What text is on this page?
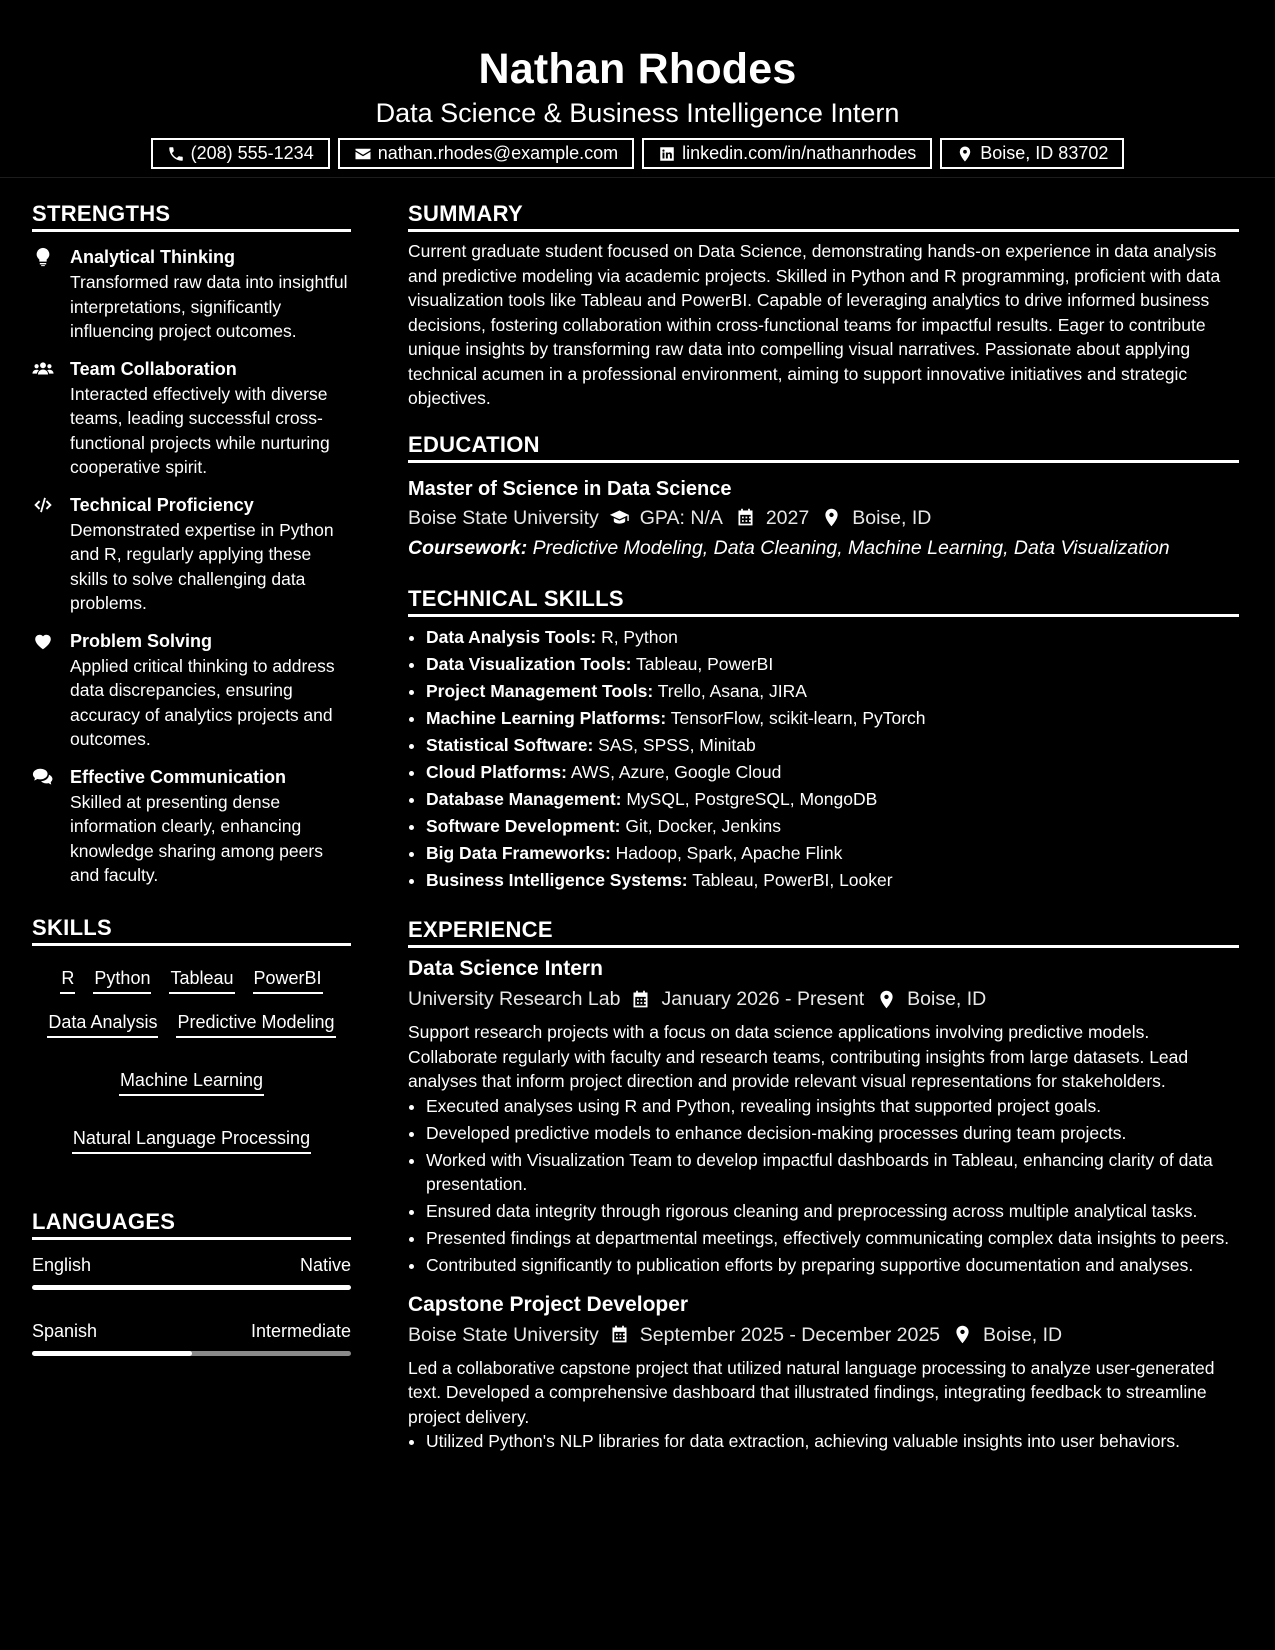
Nathan Rhodes
Data Science & Business Intelligence Intern
(208) 555-1234	nathan.rhodes@example.com	linkedin.com/in/nathanrhodes	Boise, ID 83702
STRENGTHS
Analytical Thinking
Transformed raw data into insightful interpretations, significantly influencing project outcomes.
Team Collaboration
Interacted effectively with diverse teams, leading successful cross-functional projects while nurturing cooperative spirit.
Technical Proficiency
Demonstrated expertise in Python and R, regularly applying these skills to solve challenging data problems.
Problem Solving
Applied critical thinking to address data discrepancies, ensuring accuracy of analytics projects and outcomes.
Effective Communication
Skilled at presenting dense information clearly, enhancing knowledge sharing among peers and faculty.
SKILLS
R Python Tableau PowerBI
Data Analysis Predictive Modeling
Machine Learning
Natural Language Processing
LANGUAGES
English	Native
Spanish	Intermediate
SUMMARY

Current graduate student focused on Data Science, demonstrating hands-on experience in data analysis and predictive modeling via academic projects. Skilled in Python and R programming, proficient with data visualization tools like Tableau and PowerBI. Capable of leveraging analytics to drive informed business decisions, fostering collaboration within cross-functional teams for impactful results. Eager to contribute unique insights by transforming raw data into compelling visual narratives. Passionate about applying technical acumen in a professional environment, aiming to support innovative initiatives and strategic objectives.

EDUCATION
Master of Science in Data Science
Boise State University GPA: N/A 2027 Boise, ID
Coursework: Predictive Modeling, Data Cleaning, Machine Learning, Data Visualization
TECHNICAL SKILLS
• Data Analysis Tools: R, Python
• Data Visualization Tools: Tableau, PowerBI
• Project Management Tools: Trello, Asana, JIRA
• Machine Learning Platforms: TensorFlow, scikit-learn, PyTorch
• Statistical Software: SAS, SPSS, Minitab
• Cloud Platforms: AWS, Azure, Google Cloud
• Database Management: MySQL, PostgreSQL, MongoDB
• Software Development: Git, Docker, Jenkins
• Big Data Frameworks: Hadoop, Spark, Apache Flink
• Business Intelligence Systems: Tableau, PowerBI, Looker
EXPERIENCE
Data Science Intern
University Research Lab January 2026 - Present Boise, ID

Support research projects with a focus on data science applications involving predictive models. Collaborate regularly with faculty and research teams, contributing insights from large datasets. Lead analyses that inform project direction and provide relevant visual representations for stakeholders.

• Executed analyses using R and Python, revealing insights that supported project goals.
• Developed predictive models to enhance decision-making processes during team projects.
• Worked with Visualization Team to develop impactful dashboards in Tableau, enhancing clarity of data presentation.
• Ensured data integrity through rigorous cleaning and preprocessing across multiple analytical tasks.
• Presented findings at departmental meetings, effectively communicating complex data insights to peers.
• Contributed significantly to publication efforts by preparing supportive documentation and analyses.
Capstone Project Developer
Boise State University September 2025 - December 2025 Boise, ID

Led a collaborative capstone project that utilized natural language processing to analyze user-generated text. Developed a comprehensive dashboard that illustrated findings, integrating feedback to streamline project delivery.

• Utilized Python's NLP libraries for data extraction, achieving valuable insights into user behaviors.
